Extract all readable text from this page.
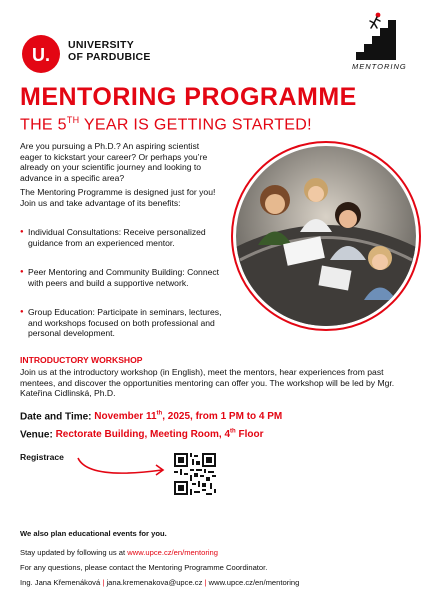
U. UNIVERSITY
OF PARDUBICE
MENTORING
MENTORING PROGRAMME
THE 5TH YEAR IS GETTING STARTED!
Are you pursuing a Ph.D.? An aspiring scientist eager to kickstart your career? Or perhaps you’re already on your scientific journey and looking to advance in a specific area?
The Mentoring Programme is designed just for you! Join us and take advantage of its benefits:
● Individual Consultations: Receive personalized guidance from an experienced mentor.
● Peer Mentoring and Community Building: Connect with peers and build a supportive network.
● Group Education: Participate in seminars, lectures, and workshops focused on both professional and personal development.
INTRODUCTORY WORKSHOP
Join us at the introductory workshop (in English), meet the mentors, hear experiences from past mentees, and discover the opportunities mentoring can offer you. The workshop will be led by Mgr. Kateřina Cidlinská, Ph.D.
Date and Time: November 11th, 2025, from 1 PM to 4 PM
Venue: Rectorate Building, Meeting Room, 4th Floor
Registrace
We also plan educational events for you.
Stay updated by following us at www.upce.cz/en/mentoring
For any questions, please contact the Mentoring Programme Coordinator.
Ing. Jana Křemenáková | jana.kremenakova@upce.cz | www.upce.cz/en/mentoring
